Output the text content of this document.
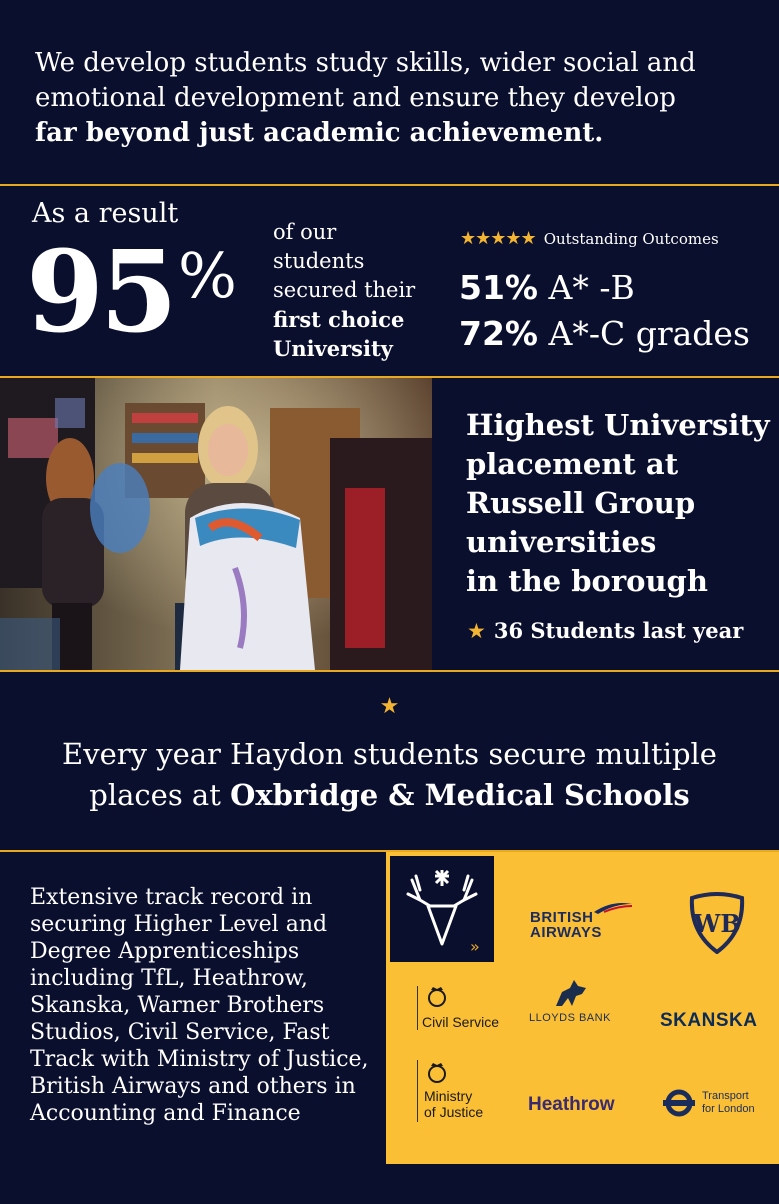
We develop students study skills, wider social and
emotional development and ensure they develop
far beyond just academic achievement.

As a result
95 %
of our
students
secured their
first choice
University
★★★★★ Outstanding Outcomes
51% A* -B
72% A*-C grades
Highest University
placement at
Russell Group
universities
in the borough
★ 36 Students last year
★
Every year Haydon students secure multiple
places at Oxbridge & Medical Schools
Extensive track record in securing Higher Level and Degree Apprenticeships including TfL, Heathrow, Skanska, Warner Brothers Studios, Civil Service, Fast Track with Ministry of Justice, British Airways and others in Accounting and Finance
»
BRITISH
AIRWAYS	WB
Civil Service	LLOYDS BANK	SKANSKA
Ministry
of Justice Heathrow	Transport
for London
